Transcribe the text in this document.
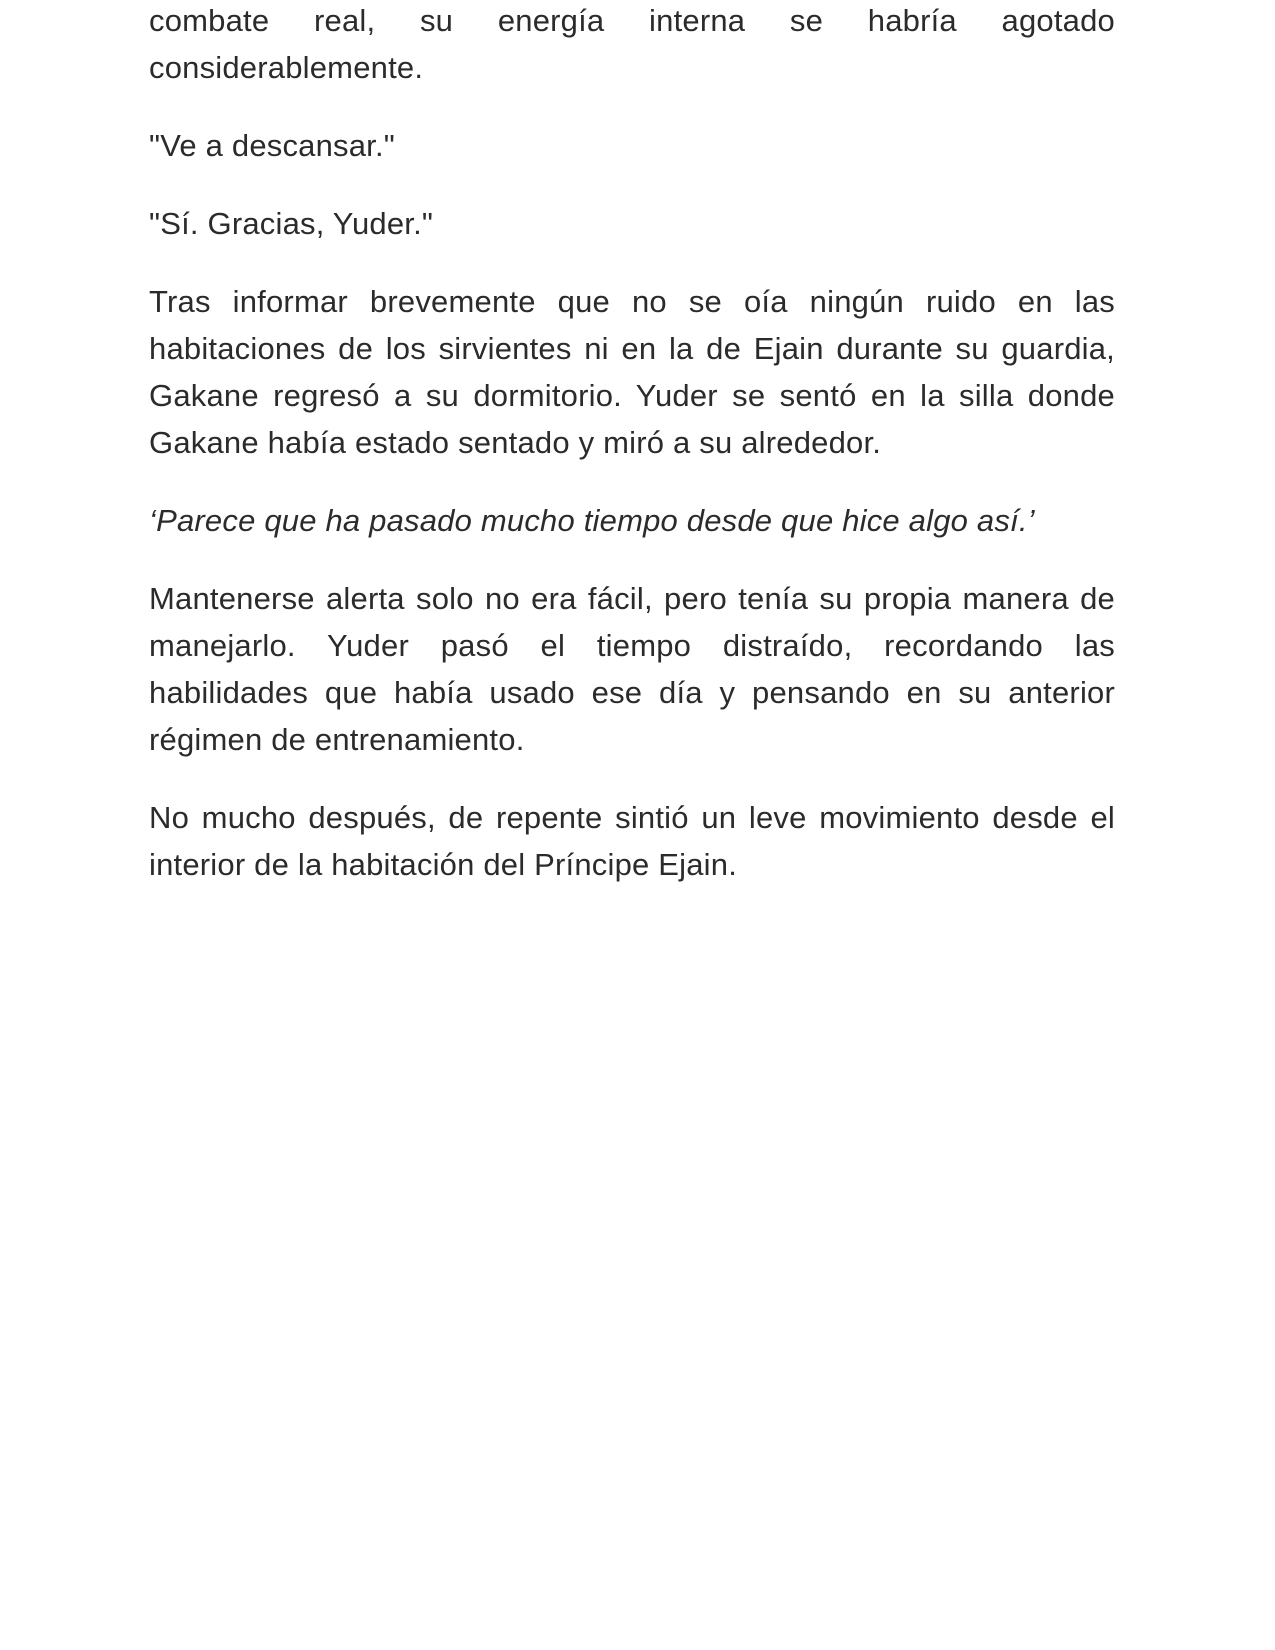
combate real, su energía interna se habría agotado considerablemente.

"Ve a descansar."

"Sí. Gracias, Yuder."

Tras informar brevemente que no se oía ningún ruido en las habitaciones de los sirvientes ni en la de Ejain durante su guardia, Gakane regresó a su dormitorio. Yuder se sentó en la silla donde Gakane había estado sentado y miró a su alrededor.

‘Parece que ha pasado mucho tiempo desde que hice algo así.’

Mantenerse alerta solo no era fácil, pero tenía su propia manera de manejarlo. Yuder pasó el tiempo distraído, recordando las habilidades que había usado ese día y pensando en su anterior régimen de entrenamiento.

No mucho después, de repente sintió un leve movimiento desde el interior de la habitación del Príncipe Ejain.
